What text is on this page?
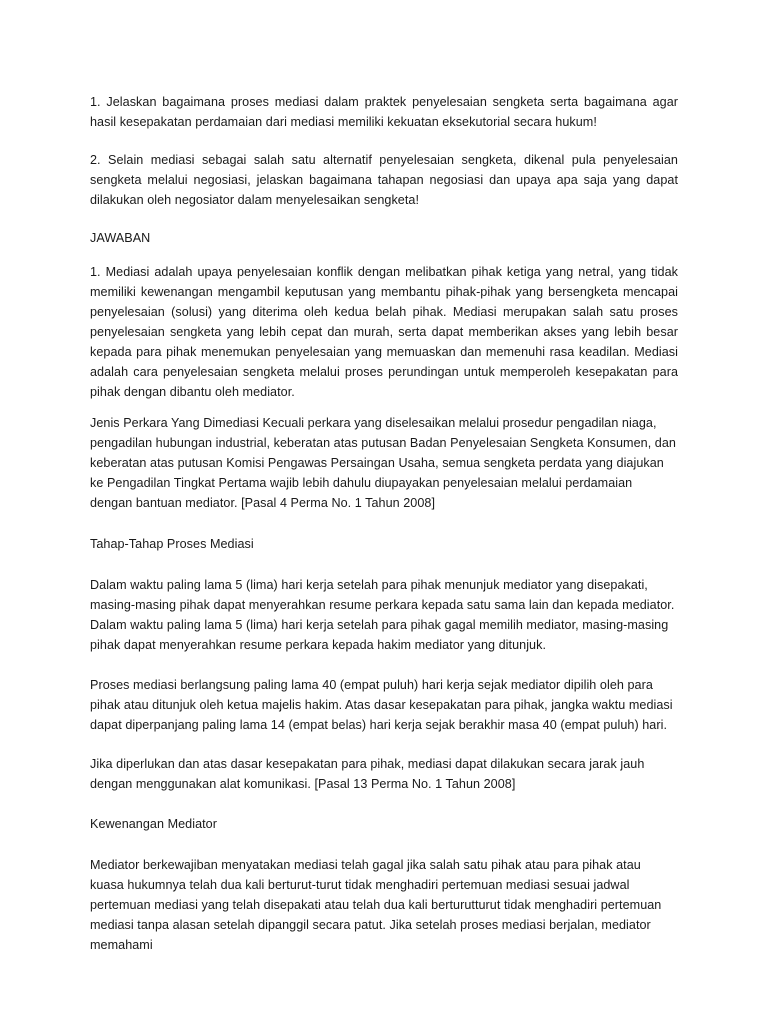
1. Jelaskan bagaimana proses mediasi dalam praktek penyelesaian sengketa serta bagaimana agar hasil kesepakatan perdamaian dari mediasi memiliki kekuatan eksekutorial secara hukum!

2. Selain mediasi sebagai salah satu alternatif penyelesaian sengketa, dikenal pula penyelesaian sengketa melalui negosiasi, jelaskan bagaimana tahapan negosiasi dan upaya apa saja yang dapat dilakukan oleh negosiator dalam menyelesaikan sengketa!

JAWABAN

1. Mediasi adalah upaya penyelesaian konflik dengan melibatkan pihak ketiga yang netral, yang tidak memiliki kewenangan mengambil keputusan yang membantu pihak-pihak yang bersengketa mencapai penyelesaian (solusi) yang diterima oleh kedua belah pihak. Mediasi merupakan salah satu proses penyelesaian sengketa yang lebih cepat dan murah, serta dapat memberikan akses yang lebih besar kepada para pihak menemukan penyelesaian yang memuaskan dan memenuhi rasa keadilan. Mediasi adalah cara penyelesaian sengketa melalui proses perundingan untuk memperoleh kesepakatan para pihak dengan dibantu oleh mediator.

Jenis Perkara Yang Dimediasi Kecuali perkara yang diselesaikan melalui prosedur pengadilan niaga, pengadilan hubungan industrial, keberatan atas putusan Badan Penyelesaian Sengketa Konsumen, dan keberatan atas putusan Komisi Pengawas Persaingan Usaha, semua sengketa perdata yang diajukan ke Pengadilan Tingkat Pertama wajib lebih dahulu diupayakan penyelesaian melalui perdamaian dengan bantuan mediator. [Pasal 4 Perma No. 1 Tahun 2008]

Tahap-Tahap Proses Mediasi

Dalam waktu paling lama 5 (lima) hari kerja setelah para pihak menunjuk mediator yang disepakati, masing-masing pihak dapat menyerahkan resume perkara kepada satu sama lain dan kepada mediator. Dalam waktu paling lama 5 (lima) hari kerja setelah para pihak gagal memilih mediator, masing-masing pihak dapat menyerahkan resume perkara kepada hakim mediator yang ditunjuk.

Proses mediasi berlangsung paling lama 40 (empat puluh) hari kerja sejak mediator dipilih oleh para pihak atau ditunjuk oleh ketua majelis hakim. Atas dasar kesepakatan para pihak, jangka waktu mediasi dapat diperpanjang paling lama 14 (empat belas) hari kerja sejak berakhir masa 40 (empat puluh) hari.

Jika diperlukan dan atas dasar kesepakatan para pihak, mediasi dapat dilakukan secara jarak jauh dengan menggunakan alat komunikasi. [Pasal 13 Perma No. 1 Tahun 2008]

Kewenangan Mediator

Mediator berkewajiban menyatakan mediasi telah gagal jika salah satu pihak atau para pihak atau kuasa hukumnya telah dua kali berturut-turut tidak menghadiri pertemuan mediasi sesuai jadwal pertemuan mediasi yang telah disepakati atau telah dua kali berturutturut tidak menghadiri pertemuan mediasi tanpa alasan setelah dipanggil secara patut. Jika setelah proses mediasi berjalan, mediator memahami
